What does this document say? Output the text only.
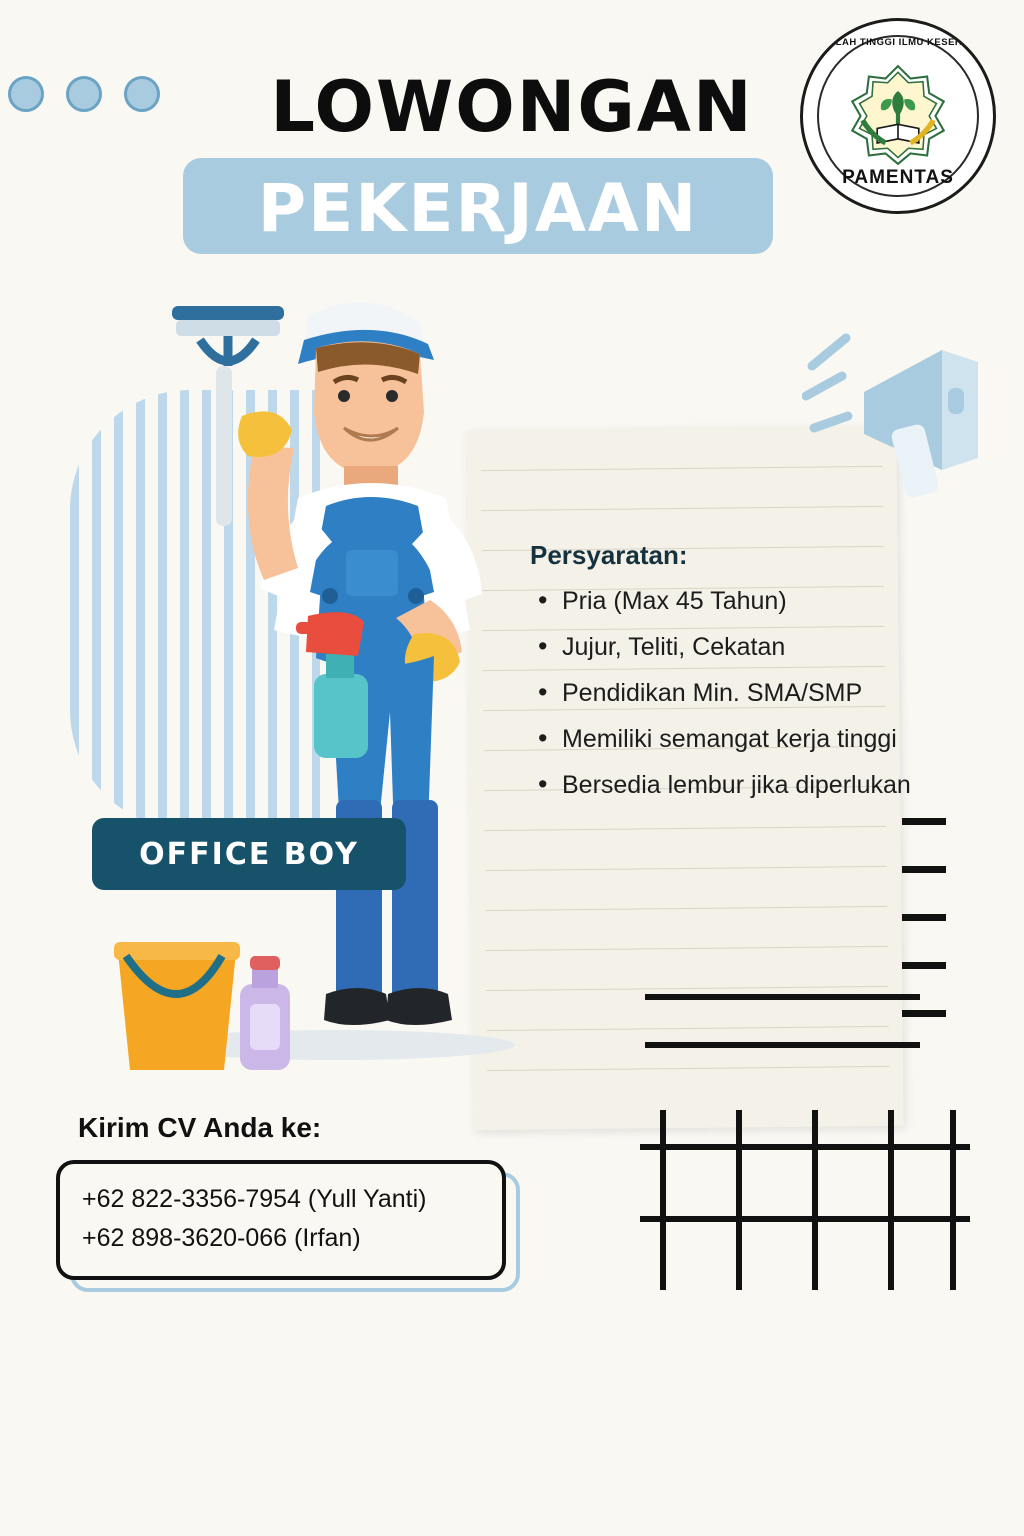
LOWONGAN
PEKERJAAN
SEKOLAH TINGGI ILMU KESEHATAN
PAMENTAS
OFFICE BOY
Persyaratan:
• Pria (Max 45 Tahun)
• Jujur, Teliti, Cekatan
• Pendidikan Min. SMA/SMP
• Memiliki semangat kerja tinggi
• Bersedia lembur jika diperlukan
Kirim CV Anda ke:
+62 822-3356-7954 (Yull Yanti)
+62 898-3620-066 (Irfan)
